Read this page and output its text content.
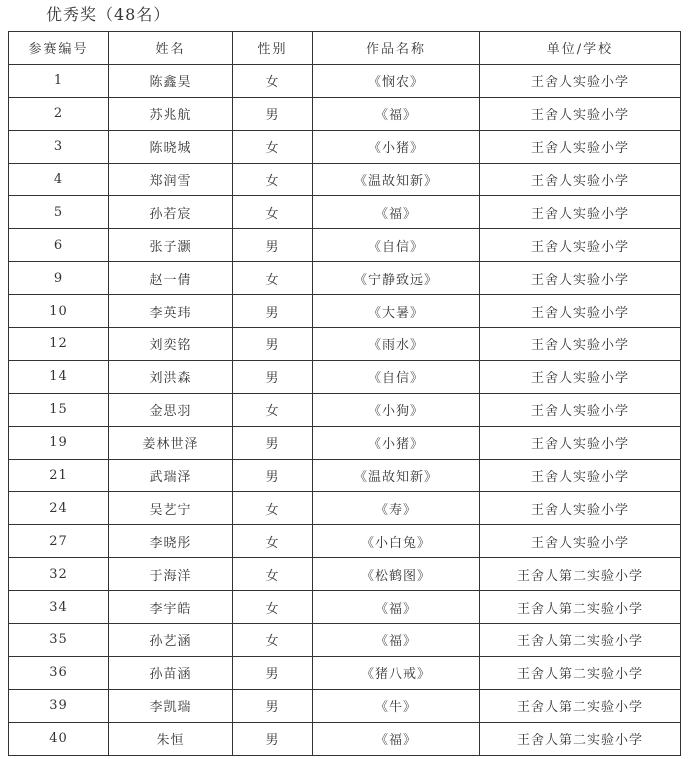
优秀奖（48名）
参赛编号	姓名	性别	作品名称	单位/学校
1	陈鑫昊	女	《悯农》	王舍人实验小学
2	苏兆航	男	《福》	王舍人实验小学
3	陈晓城	女	《小猪》	王舍人实验小学
4	郑润雪	女	《温故知新》	王舍人实验小学
5	孙若宸	女	《福》	王舍人实验小学
6	张子灏	男	《自信》	王舍人实验小学
9	赵一倩	女	《宁静致远》	王舍人实验小学
10	李英玮	男	《大暑》	王舍人实验小学
12	刘奕铭	男	《雨水》	王舍人实验小学
14	刘洪森	男	《自信》	王舍人实验小学
15	金思羽	女	《小狗》	王舍人实验小学
19	姜林世泽	男	《小猪》	王舍人实验小学
21	武瑞泽	男	《温故知新》	王舍人实验小学
24	吴艺宁	女	《寿》	王舍人实验小学
27	李晓彤	女	《小白兔》	王舍人实验小学
32	于海洋	女	《松鹤图》	王舍人第二实验小学
34	李宇皓	女	《福》	王舍人第二实验小学
35	孙艺涵	女	《福》	王舍人第二实验小学
36	孙苗涵	男	《猪八戒》	王舍人第二实验小学
39	李凯瑞	男	《牛》	王舍人第二实验小学
40	朱恒	男	《福》	王舍人第二实验小学
